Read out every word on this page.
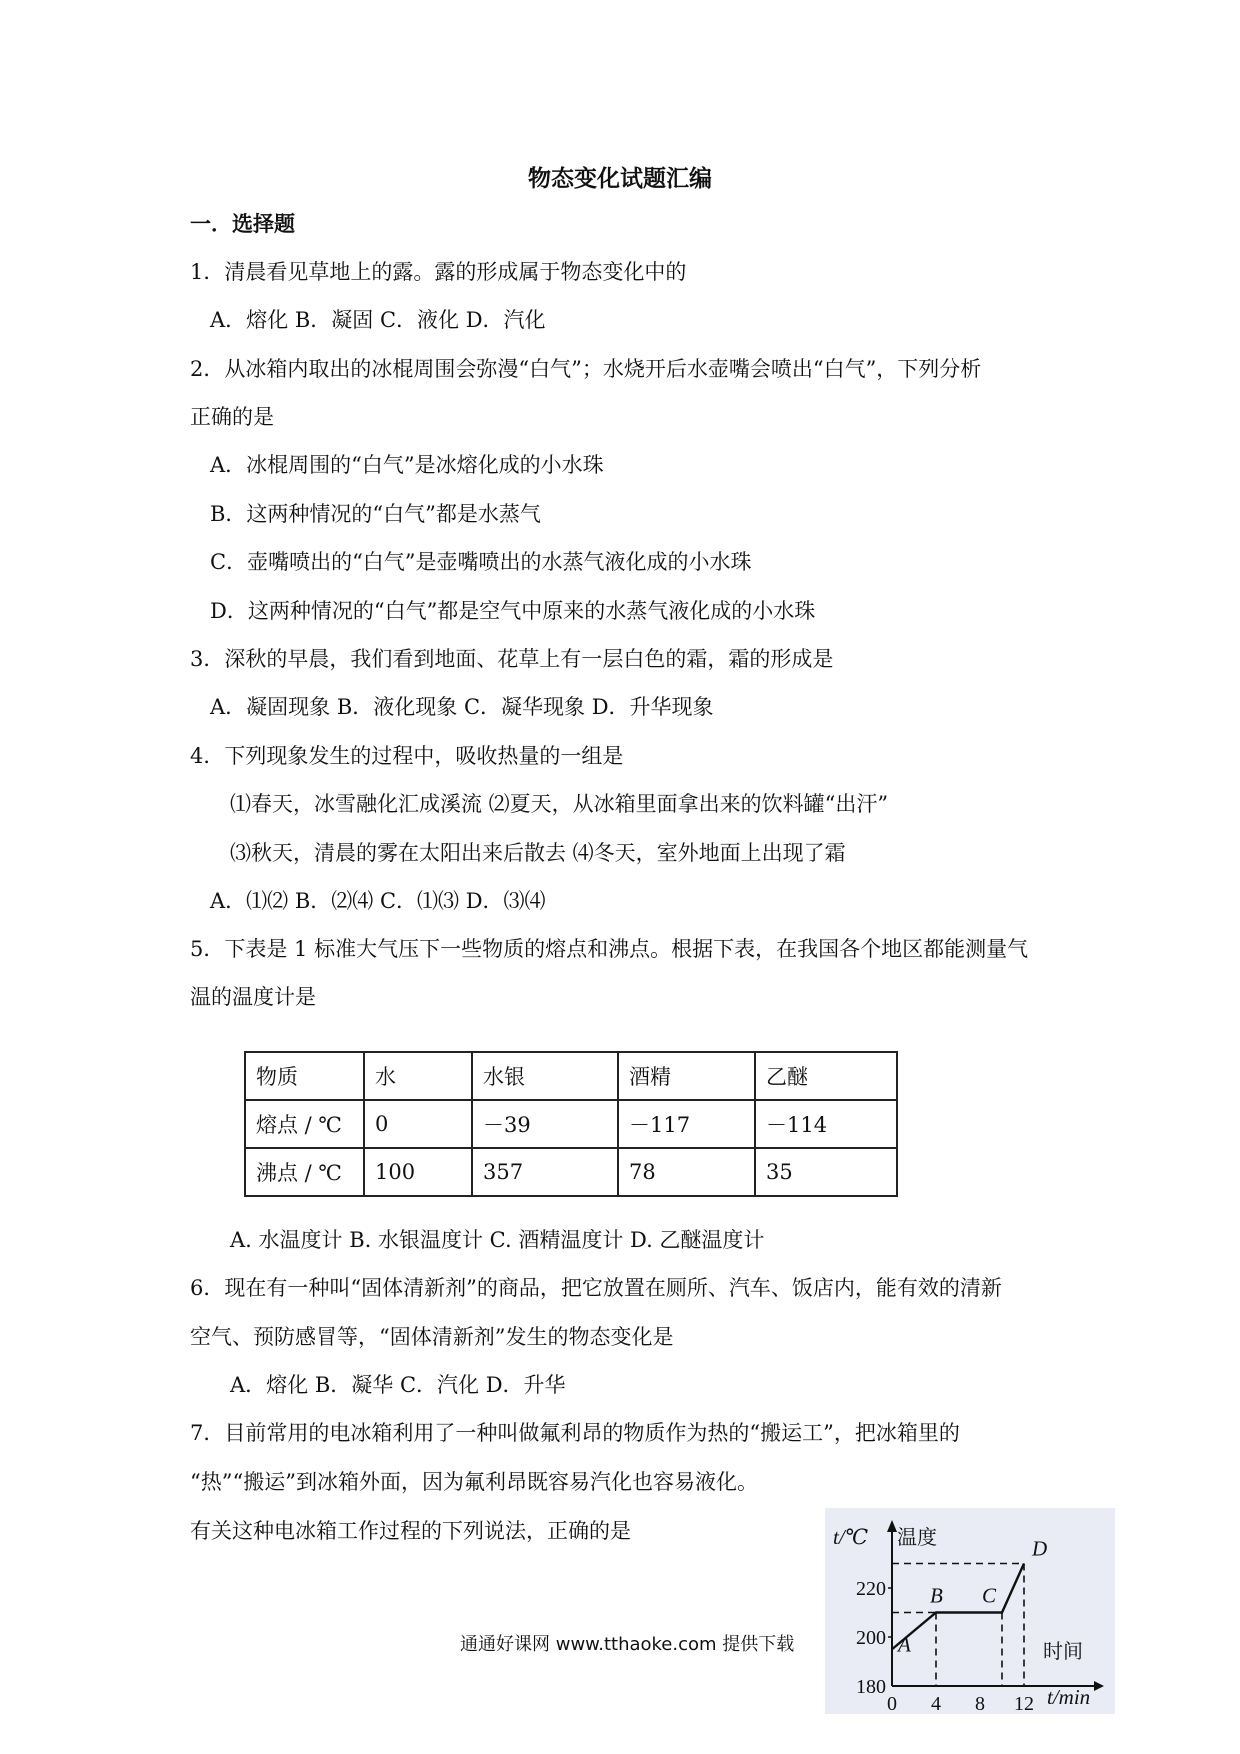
物态变化试题汇编
一．选择题
1．清晨看见草地上的露。露的形成属于物态变化中的
A．熔化 B．凝固 C．液化 D．汽化
2．从冰箱内取出的冰棍周围会弥漫“白气”；水烧开后水壶嘴会喷出“白气”，下列分析
正确的是
A．冰棍周围的“白气”是冰熔化成的小水珠
B．这两种情况的“白气”都是水蒸气
C．壶嘴喷出的“白气”是壶嘴喷出的水蒸气液化成的小水珠
D．这两种情况的“白气”都是空气中原来的水蒸气液化成的小水珠
3．深秋的早晨，我们看到地面、花草上有一层白色的霜，霜的形成是
A．凝固现象 B．液化现象 C．凝华现象 D．升华现象
4．下列现象发生的过程中，吸收热量的一组是
⑴春天，冰雪融化汇成溪流 ⑵夏天，从冰箱里面拿出来的饮料罐“出汗”
⑶秋天，清晨的雾在太阳出来后散去 ⑷冬天，室外地面上出现了霜
A．⑴⑵ B．⑵⑷ C．⑴⑶ D．⑶⑷
5．下表是 1 标准大气压下一些物质的熔点和沸点。根据下表，在我国各个地区都能测量气
温的温度计是
物质	水	水银	酒精	乙醚
熔点 / ℃	0	－39	－117	－114
沸点 / ℃	100	357	78	35
A. 水温度计 B. 水银温度计 C. 酒精温度计 D. 乙醚温度计
6．现在有一种叫“固体清新剂”的商品，把它放置在厕所、汽车、饭店内，能有效的清新
空气、预防感冒等，“固体清新剂”发生的物态变化是
A．熔化 B．凝华 C．汽化 D．升华
7．目前常用的电冰箱利用了一种叫做氟利昂的物质作为热的“搬运工”，把冰箱里的
“热”“搬运”到冰箱外面，因为氟利昂既容易汽化也容易液化。
有关这种电冰箱工作过程的下列说法，正确的是
180
200
220
0 4 8 12
A
B C
D
t/℃ 温度
时间
t/min
通通好课网 www.tthaoke.com 提供下载
